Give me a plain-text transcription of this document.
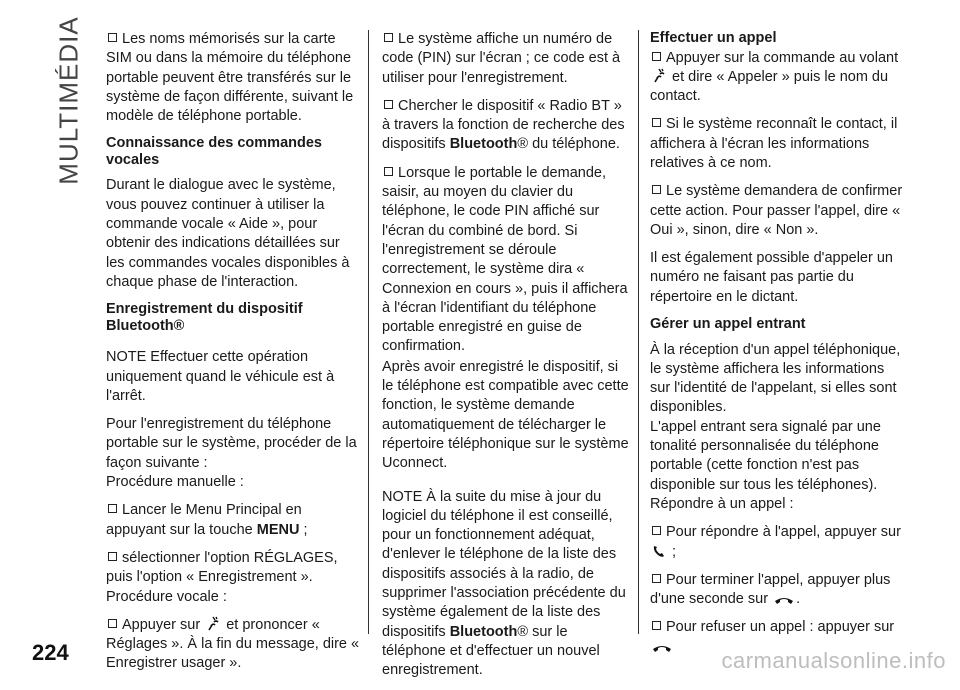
MULTIMÉDIA	Les noms mémorisés sur la carte SIM ou dans la mémoire du téléphone portable peuvent être transférés sur le système de façon différente, suivant le modèle de téléphone portable.

Connaissance des commandes vocales

Durant le dialogue avec le système, vous pouvez continuer à utiliser la commande vocale « Aide », pour obtenir des indications détaillées sur les commandes vocales disponibles à chaque phase de l'interaction.

Enregistrement du dispositif Bluetooth®

NOTE Effectuer cette opération uniquement quand le véhicule est à l'arrêt.

Pour l'enregistrement du téléphone portable sur le système, procéder de la façon suivante :

Procédure manuelle :

Lancer le Menu Principal en appuyant sur la touche MENU ;

sélectionner l'option RÉGLAGES, puis l'option « Enregistrement ».

Procédure vocale :

Appuyer sur  et prononcer « Réglages ». À la fin du message, dire « Enregistrer usager ».

Le système affiche un numéro de code (PIN) sur l'écran ; ce code est à utiliser pour l'enregistrement.

Chercher le dispositif « Radio BT » à travers la fonction de recherche des dispositifs Bluetooth® du téléphone.

Lorsque le portable le demande, saisir, au moyen du clavier du téléphone, le code PIN affiché sur l'écran du combiné de bord. Si l'enregistrement se déroule correctement, le système dira « Connexion en cours », puis il affichera à l'écran l'identifiant du téléphone portable enregistré en guise de confirmation.

Après avoir enregistré le dispositif, si le téléphone est compatible avec cette fonction, le système demande automatiquement de télécharger le répertoire téléphonique sur le système Uconnect.

NOTE À la suite du mise à jour du logiciel du téléphone il est conseillé, pour un fonctionnement adéquat, d'enlever le téléphone de la liste des dispositifs associés à la radio, de supprimer l'association précédente du système également de la liste des dispositifs Bluetooth® sur le téléphone et d'effectuer un nouvel enregistrement.

Effectuer un appel

Appuyer sur la commande au volant  et dire « Appeler » puis le nom du contact.

Si le système reconnaît le contact, il affichera à l'écran les informations relatives à ce nom.

Le système demandera de confirmer cette action. Pour passer l'appel, dire « Oui », sinon, dire « Non ».

Il est également possible d'appeler un numéro ne faisant pas partie du répertoire en le dictant.

Gérer un appel entrant

À la réception d'un appel téléphonique, le système affichera les informations sur l'identité de l'appelant, si elles sont disponibles.

L'appel entrant sera signalé par une tonalité personnalisée du téléphone portable (cette fonction n'est pas disponible sur tous les téléphones).

Répondre à un appel :

Pour répondre à l'appel, appuyer sur  ;

Pour terminer l'appel, appuyer plus d'une seconde sur .

Pour refuser un appel : appuyer sur

224	carmanualsonline.info
